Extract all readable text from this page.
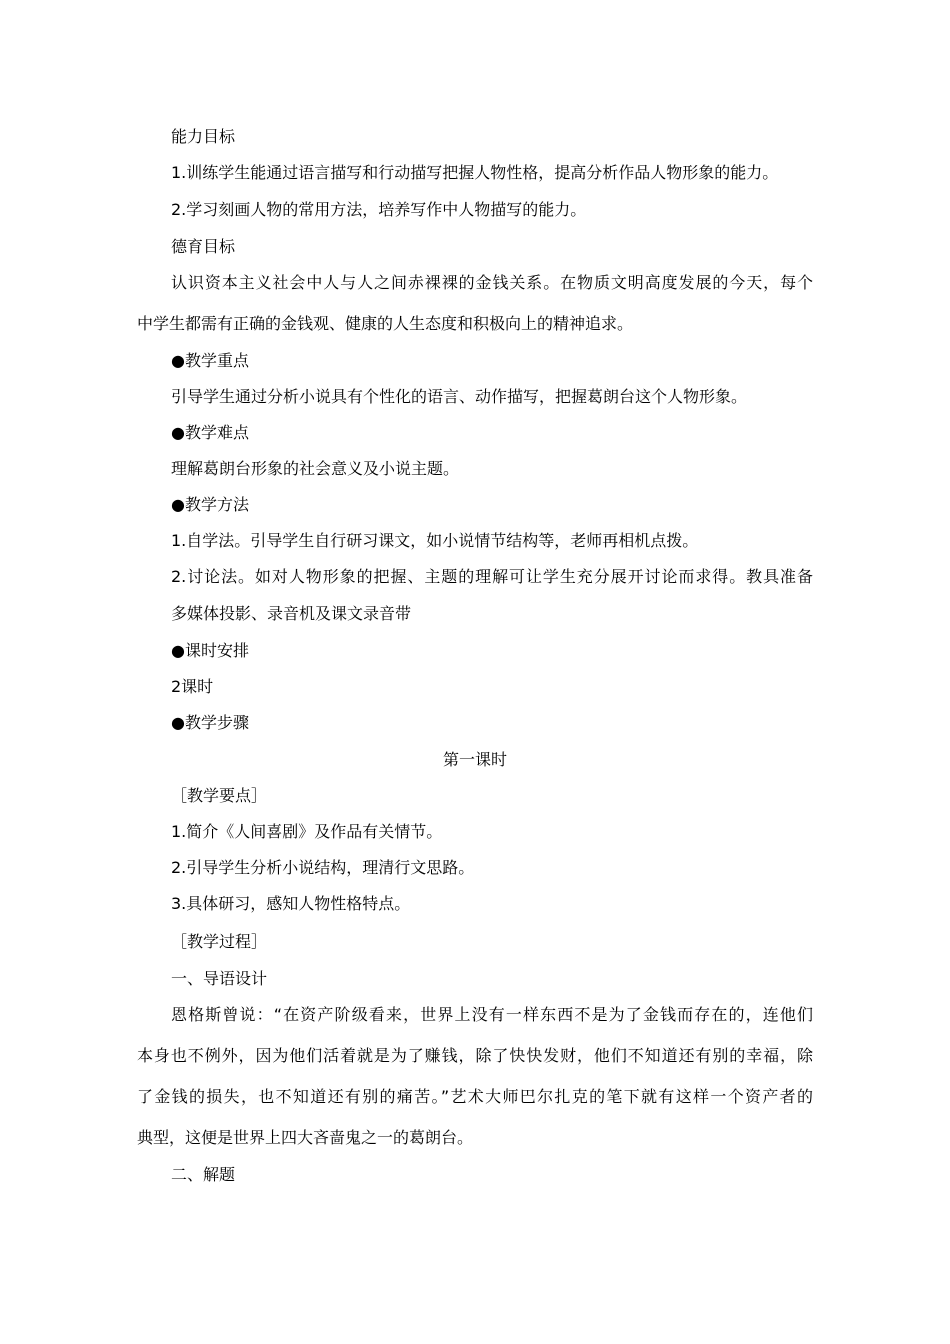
能力目标
1.训练学生能通过语言描写和行动描写把握人物性格，提高分析作品人物形象的能力。
2.学习刻画人物的常用方法，培养写作中人物描写的能力。
德育目标
认识资本主义社会中人与人之间赤裸裸的金钱关系。在物质文明高度发展的今天，每个
中学生都需有正确的金钱观、健康的人生态度和积极向上的精神追求。
●教学重点
引导学生通过分析小说具有个性化的语言、动作描写，把握葛朗台这个人物形象。
●教学难点
理解葛朗台形象的社会意义及小说主题。
●教学方法
1.自学法。引导学生自行研习课文，如小说情节结构等，老师再相机点拨。
2.讨论法。如对人物形象的把握、主题的理解可让学生充分展开讨论而求得。教具准备
多媒体投影、录音机及课文录音带
●课时安排
2课时
●教学步骤
第一课时
［教学要点］
1.简介《人间喜剧》及作品有关情节。
2.引导学生分析小说结构，理清行文思路。
3.具体研习，感知人物性格特点。
［教学过程］
一、导语设计
恩格斯曾说：“在资产阶级看来，世界上没有一样东西不是为了金钱而存在的，连他们
本身也不例外，因为他们活着就是为了赚钱，除了快快发财，他们不知道还有别的幸福，除
了金钱的损失，也不知道还有别的痛苦。”艺术大师巴尔扎克的笔下就有这样一个资产者的
典型，这便是世界上四大吝啬鬼之一的葛朗台。
二、解题
